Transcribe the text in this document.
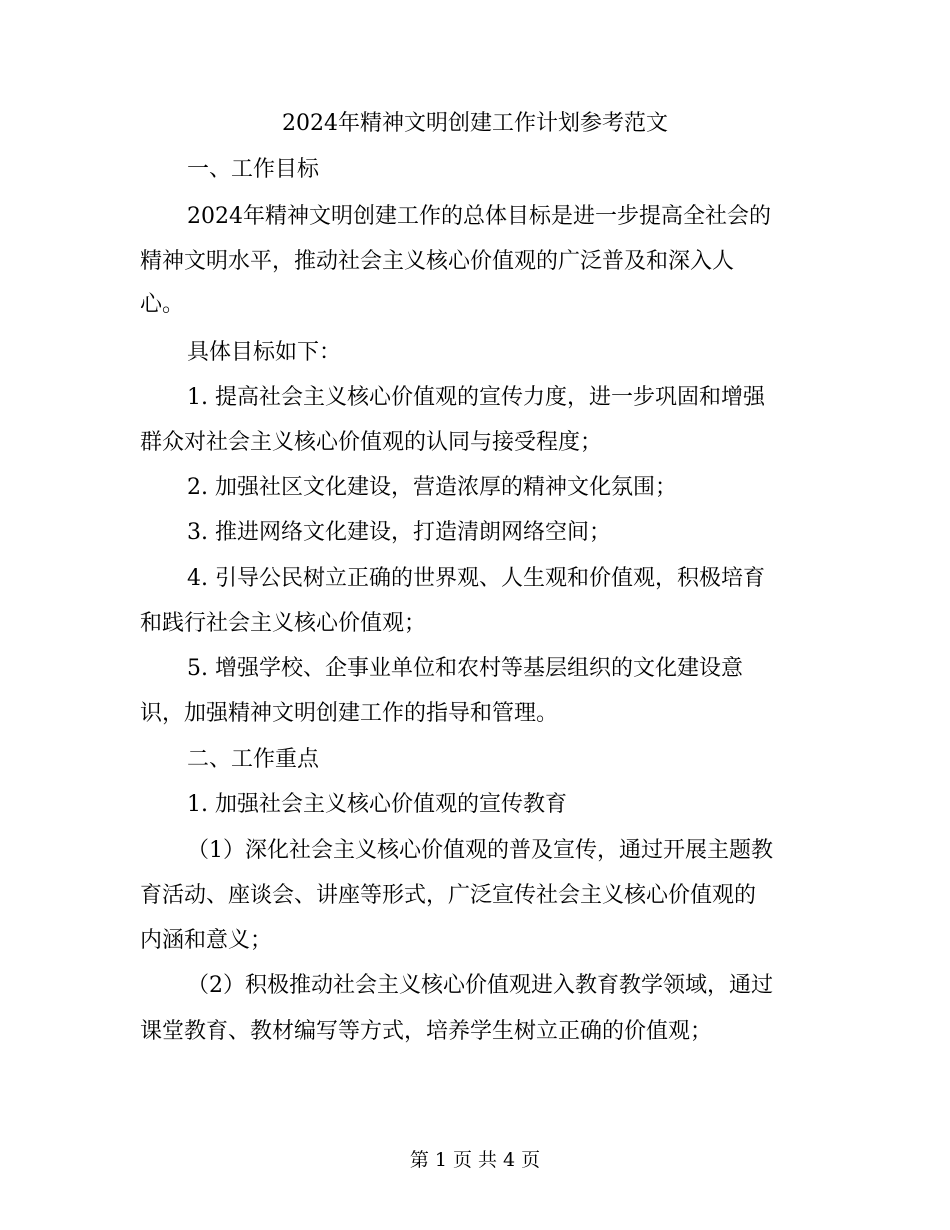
2024年精神文明创建工作计划参考范文
一、工作目标
2024年精神文明创建工作的总体目标是进一步提高全社会的
精神文明水平，推动社会主义核心价值观的广泛普及和深入人
心。
具体目标如下：
1. 提高社会主义核心价值观的宣传力度，进一步巩固和增强
群众对社会主义核心价值观的认同与接受程度；
2. 加强社区文化建设，营造浓厚的精神文化氛围；
3. 推进网络文化建设，打造清朗网络空间；
4. 引导公民树立正确的世界观、人生观和价值观，积极培育
和践行社会主义核心价值观；
5. 增强学校、企事业单位和农村等基层组织的文化建设意
识，加强精神文明创建工作的指导和管理。
二、工作重点
1. 加强社会主义核心价值观的宣传教育
（1）深化社会主义核心价值观的普及宣传，通过开展主题教
育活动、座谈会、讲座等形式，广泛宣传社会主义核心价值观的
内涵和意义；
（2）积极推动社会主义核心价值观进入教育教学领域，通过
课堂教育、教材编写等方式，培养学生树立正确的价值观；
第 1 页 共 4 页
